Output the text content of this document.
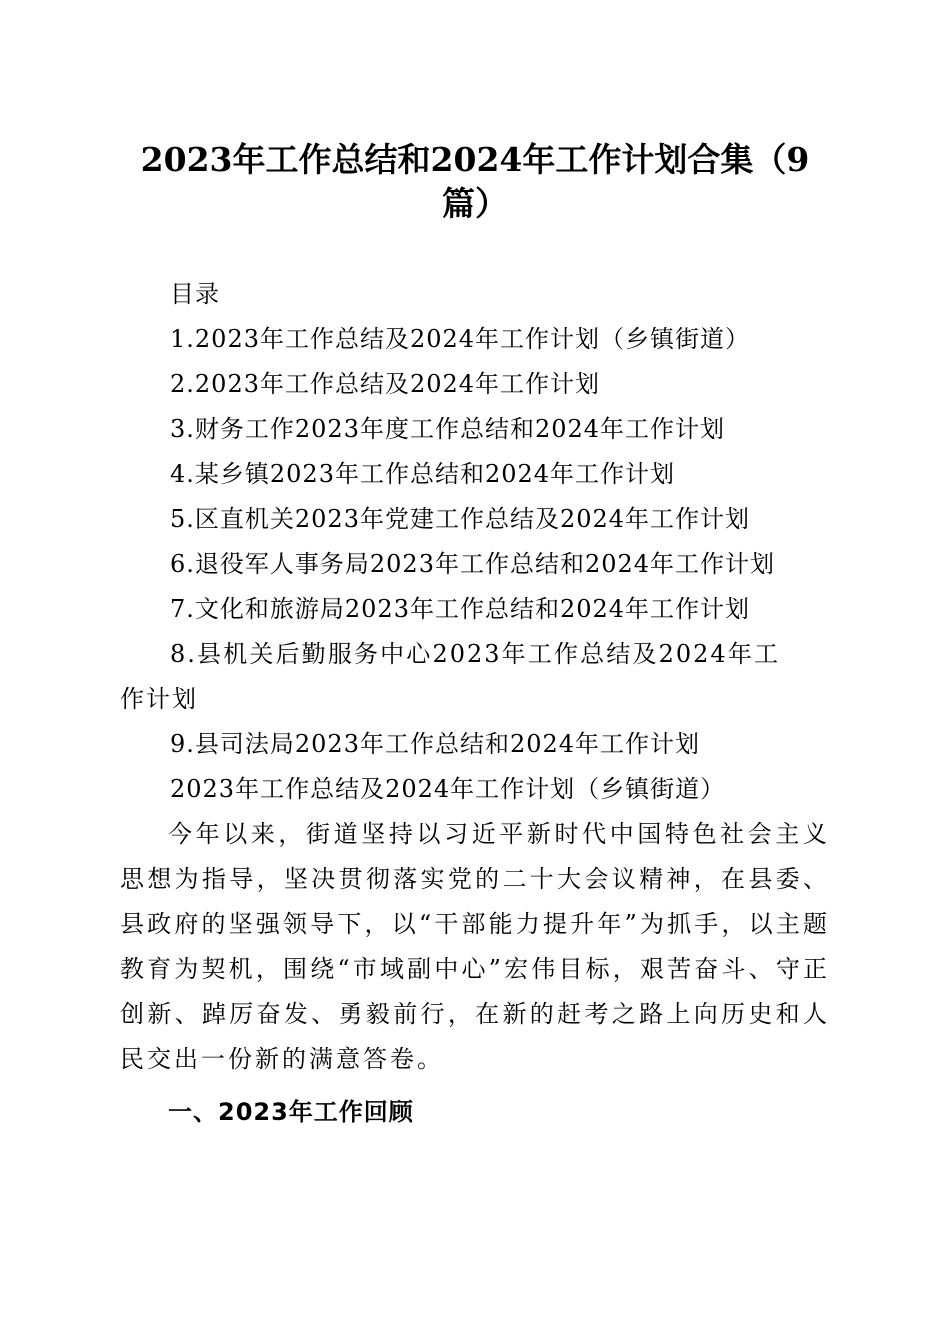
2023年工作总结和2024年工作计划合集（9篇）
目录
1.2023年工作总结及2024年工作计划（乡镇街道）
2.2023年工作总结及2024年工作计划
3.财务工作2023年度工作总结和2024年工作计划
4.某乡镇2023年工作总结和2024年工作计划
5.区直机关2023年党建工作总结及2024年工作计划
6.退役军人事务局2023年工作总结和2024年工作计划
7.文化和旅游局2023年工作总结和2024年工作计划
8.县机关后勤服务中心2023年工作总结及2024年工作计划
9.县司法局2023年工作总结和2024年工作计划
2023年工作总结及2024年工作计划（乡镇街道）
今年以来，街道坚持以习近平新时代中国特色社会主义思想为指导，坚决贯彻落实党的二十大会议精神，在县委、县政府的坚强领导下，以“干部能力提升年”为抓手，以主题教育为契机，围绕“市域副中心”宏伟目标，艰苦奋斗、守正创新、踔厉奋发、勇毅前行，在新的赶考之路上向历史和人民交出一份新的满意答卷。
一、2023年工作回顾
